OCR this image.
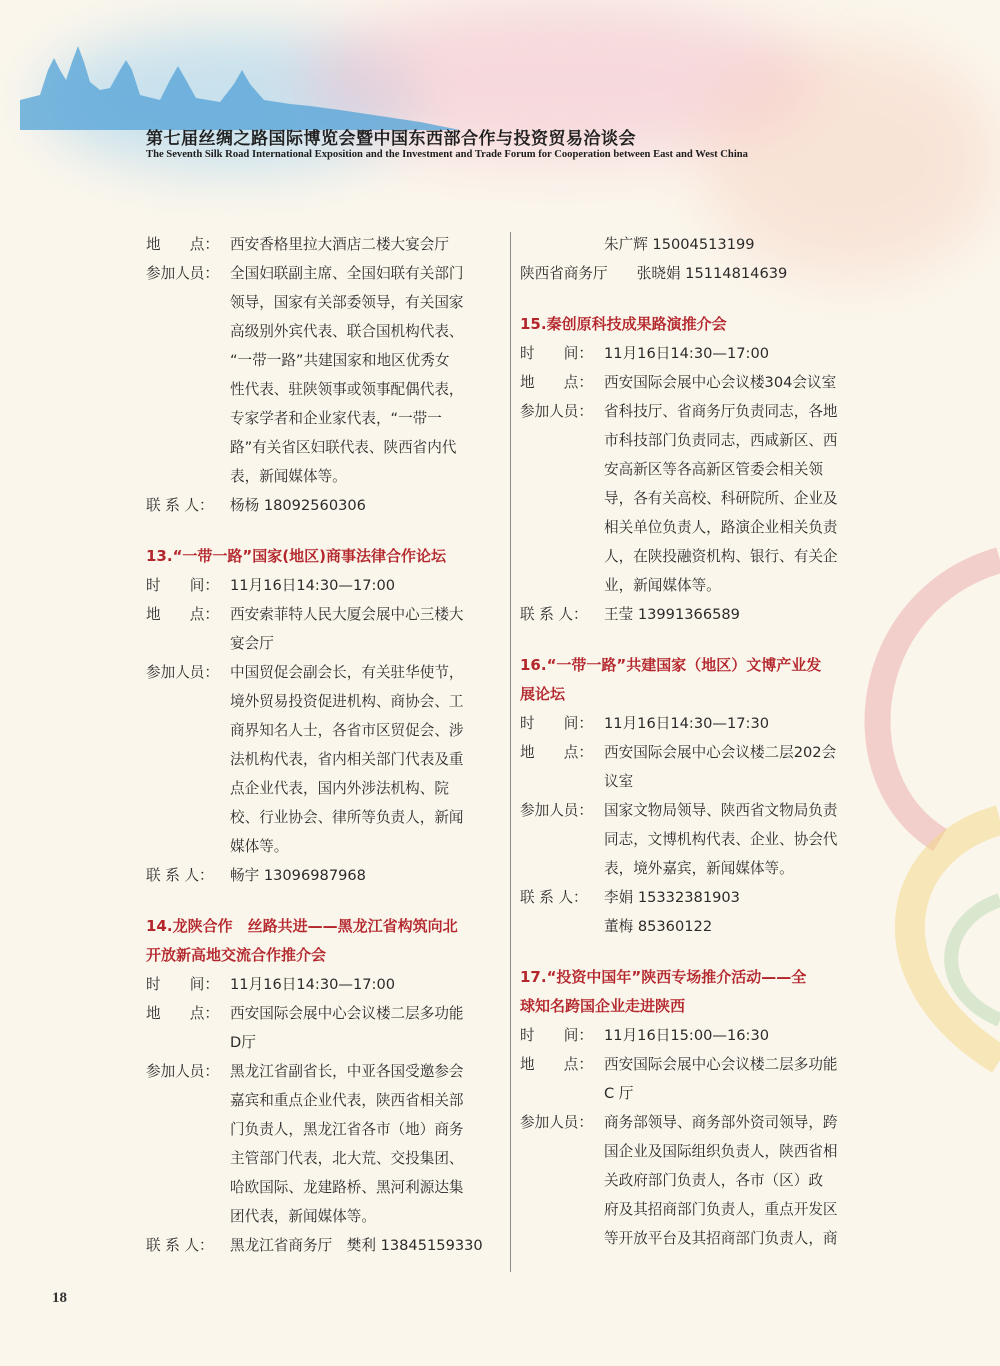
第七届丝绸之路国际博览会暨中国东西部合作与投资贸易洽谈会
The Seventh Silk Road International Exposition and the Investment and Trade Forum for Cooperation between East and West China
地　　点： 西安香格里拉大酒店二楼大宴会厅
参加人员： 全国妇联副主席、全国妇联有关部门
领导，国家有关部委领导，有关国家
高级别外宾代表、联合国机构代表、
“一带一路”共建国家和地区优秀女
性代表、驻陕领事或领事配偶代表，
专家学者和企业家代表，“一带一
路”有关省区妇联代表、陕西省内代
表，新闻媒体等。
联 系 人：	杨杨 18092560306
13.“一带一路”国家(地区)商事法律合作论坛
时　　间： 11月16日14:30—17:00
地　　点： 西安索菲特人民大厦会展中心三楼大
宴会厅
参加人员： 中国贸促会副会长，有关驻华使节，
境外贸易投资促进机构、商协会、工
商界知名人士，各省市区贸促会、涉
法机构代表，省内相关部门代表及重
点企业代表，国内外涉法机构、院
校、行业协会、律所等负责人，新闻
媒体等。
联 系 人：	畅宇 13096987968
14.龙陕合作　丝路共进——黑龙江省构筑向北
开放新高地交流合作推介会
时　　间： 11月16日14:30—17:00
地　　点： 西安国际会展中心会议楼二层多功能
D厅
参加人员： 黑龙江省副省长，中亚各国受邀参会
嘉宾和重点企业代表，陕西省相关部
门负责人，黑龙江省各市（地）商务
主管部门代表，北大荒、交投集团、
哈欧国际、龙建路桥、黑河利源达集
团代表，新闻媒体等。
联 系 人：	黑龙江省商务厅　樊利 13845159330
朱广辉 15004513199
陕西省商务厅　　张晓娟 15114814639
15.秦创原科技成果路演推介会
时　　间： 11月16日14:30—17:00
地　　点： 西安国际会展中心会议楼304会议室
参加人员： 省科技厅、省商务厅负责同志，各地
市科技部门负责同志，西咸新区、西
安高新区等各高新区管委会相关领
导，各有关高校、科研院所、企业及
相关单位负责人，路演企业相关负责
人，在陕投融资机构、银行、有关企
业，新闻媒体等。
联 系 人：	王莹 13991366589
16.“一带一路”共建国家（地区）文博产业发
展论坛
时　　间： 11月16日14:30—17:30
地　　点： 西安国际会展中心会议楼二层202会
议室
参加人员： 国家文物局领导、陕西省文物局负责
同志，文博机构代表、企业、协会代
表，境外嘉宾，新闻媒体等。
联 系 人：	李娟 15332381903
董梅 85360122
17.“投资中国年”陕西专场推介活动——全
球知名跨国企业走进陕西
时　　间： 11月16日15:00—16:30
地　　点： 西安国际会展中心会议楼二层多功能
C 厅
参加人员： 商务部领导、商务部外资司领导，跨
国企业及国际组织负责人，陕西省相
关政府部门负责人，各市（区）政
府及其招商部门负责人，重点开发区
等开放平台及其招商部门负责人，商
18
